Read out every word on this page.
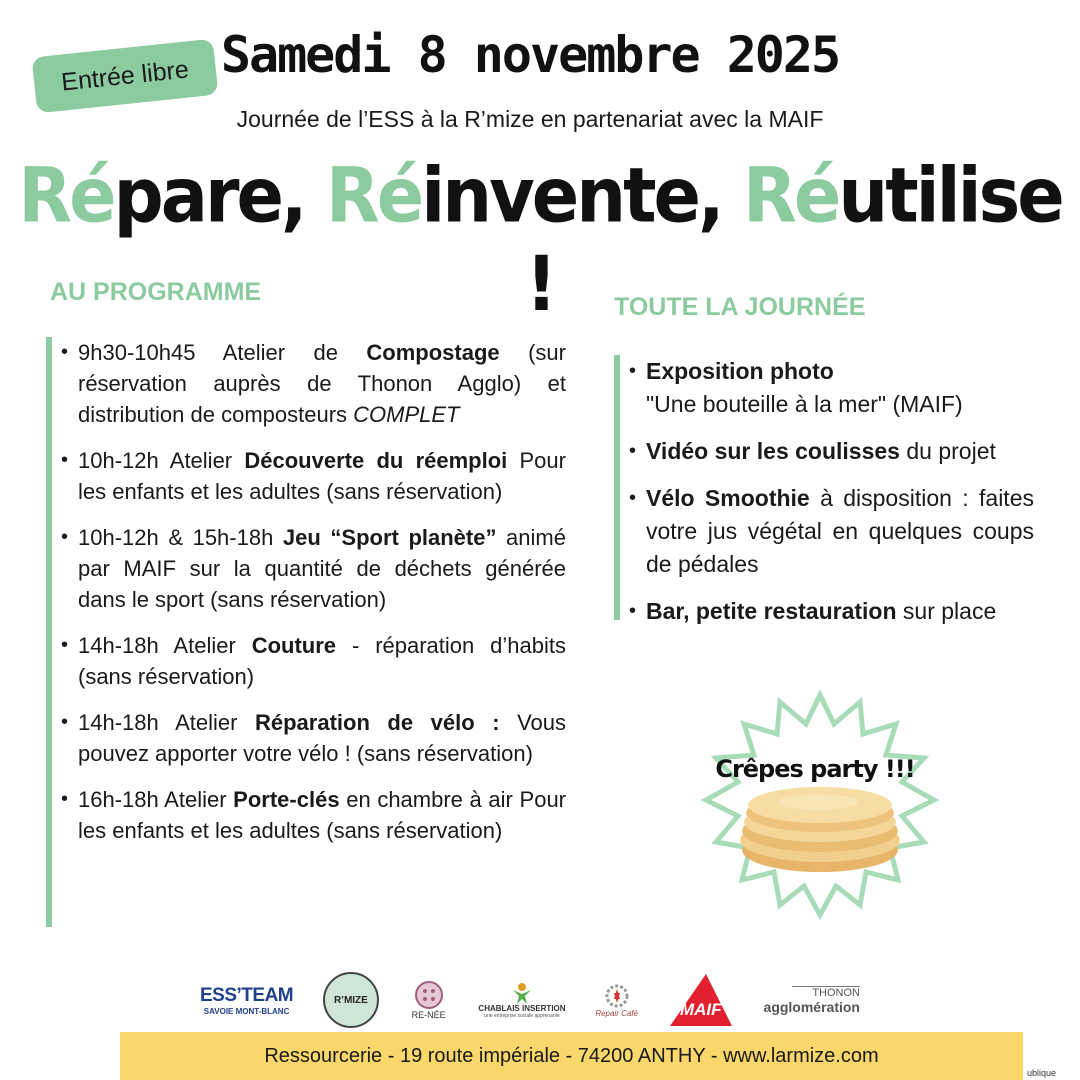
Entrée libre Samedi 8 novembre 2025
Journée de l’ESS à la R’mize en partenariat avec la MAIF
Répare, Réinvente, Réutilise !
AU PROGRAMME
• 9h30-10h45 Atelier de Compostage (sur réservation auprès de Thonon Agglo) et distribution de composteurs COMPLET
• 10h-12h Atelier Découverte du réemploi Pour les enfants et les adultes (sans réservation)
• 10h-12h & 15h-18h Jeu “Sport planète” animé par MAIF sur la quantité de déchets générée dans le sport (sans réservation)
• 14h-18h Atelier Couture - réparation d’habits (sans réservation)
• 14h-18h Atelier Réparation de vélo : Vous pouvez apporter votre vélo ! (sans réservation)
• 16h-18h Atelier Porte-clés en chambre à air Pour les enfants et les adultes (sans réservation)
TOUTE LA JOURNÉE
• Exposition photo
"Une bouteille à la mer" (MAIF)
• Vidéo sur les coulisses du projet
• Vélo Smoothie à disposition : faites votre jus végétal en quelques coups de pédales
• Bar, petite restauration sur place
Crêpes party !!!
ESS’TEAM
SAVOIE MONT-BLANC
R’MIZE
RE-NÉE
CHABLAIS INSERTION
une entreprise sociale apprenante	Repair Café MAIF
THONON
agglomération
Ressourcerie - 19 route impériale - 74200 ANTHY - www.larmize.com
ublique
